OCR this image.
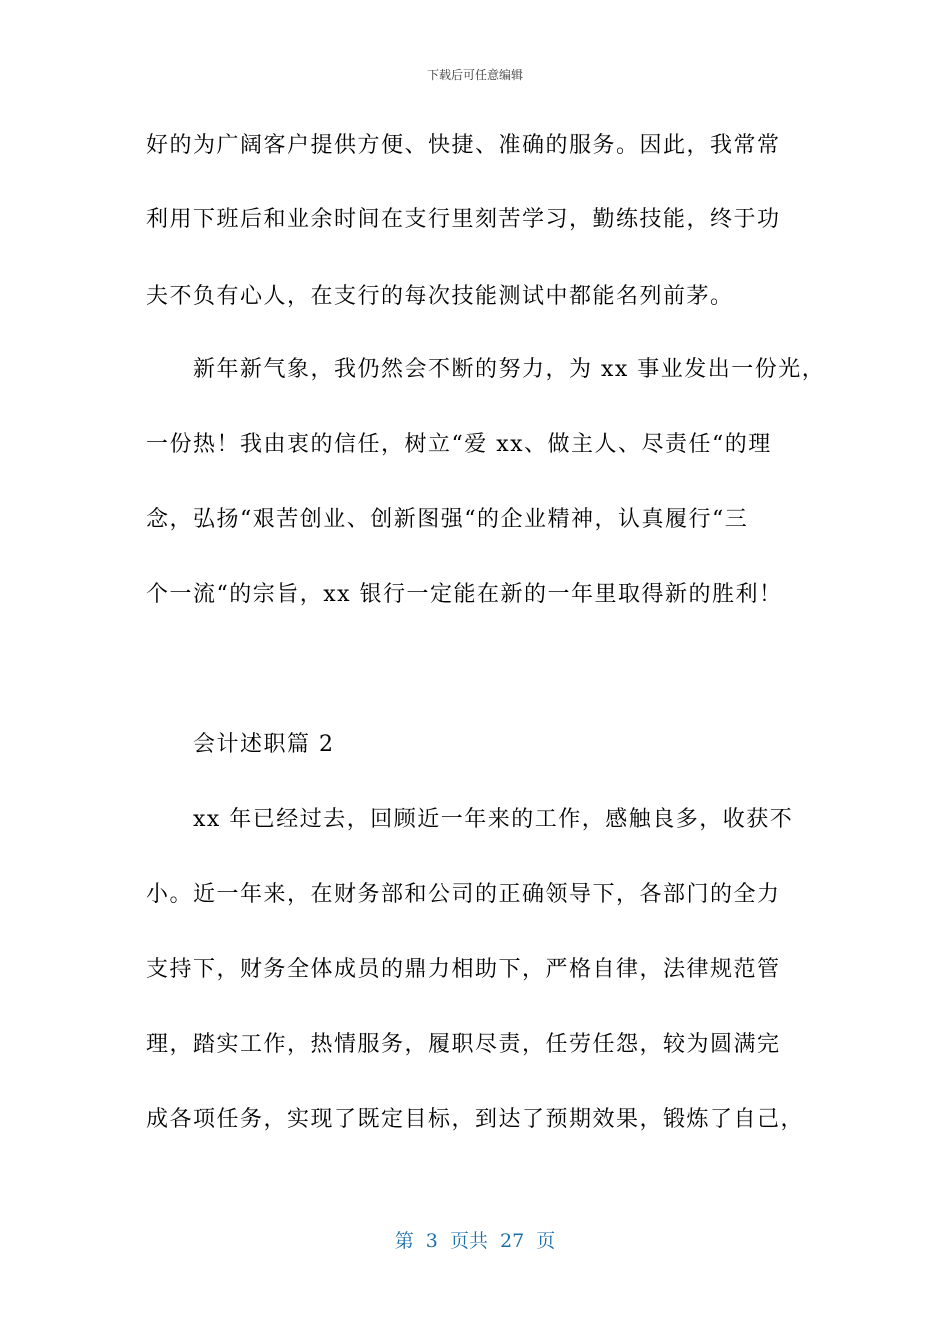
下载后可任意编辑
好的为广阔客户提供方便、快捷、准确的服务。因此，我常常
利用下班后和业余时间在支行里刻苦学习，勤练技能，终于功
夫不负有心人，在支行的每次技能测试中都能名列前茅。
新年新气象，我仍然会不断的努力，为 xx 事业发出一份光，
一份热！我由衷的信任，树立“爱 xx、做主人、尽责任“的理
念，弘扬“艰苦创业、创新图强“的企业精神，认真履行“三
个一流“的宗旨，xx 银行一定能在新的一年里取得新的胜利！
会计述职篇 2
xx 年已经过去，回顾近一年来的工作，感触良多，收获不
小。近一年来，在财务部和公司的正确领导下，各部门的全力
支持下，财务全体成员的鼎力相助下，严格自律，法律规范管
理，踏实工作，热情服务，履职尽责，任劳任怨，较为圆满完
成各项任务，实现了既定目标，到达了预期效果，锻炼了自己，
第  3  页共  27  页
